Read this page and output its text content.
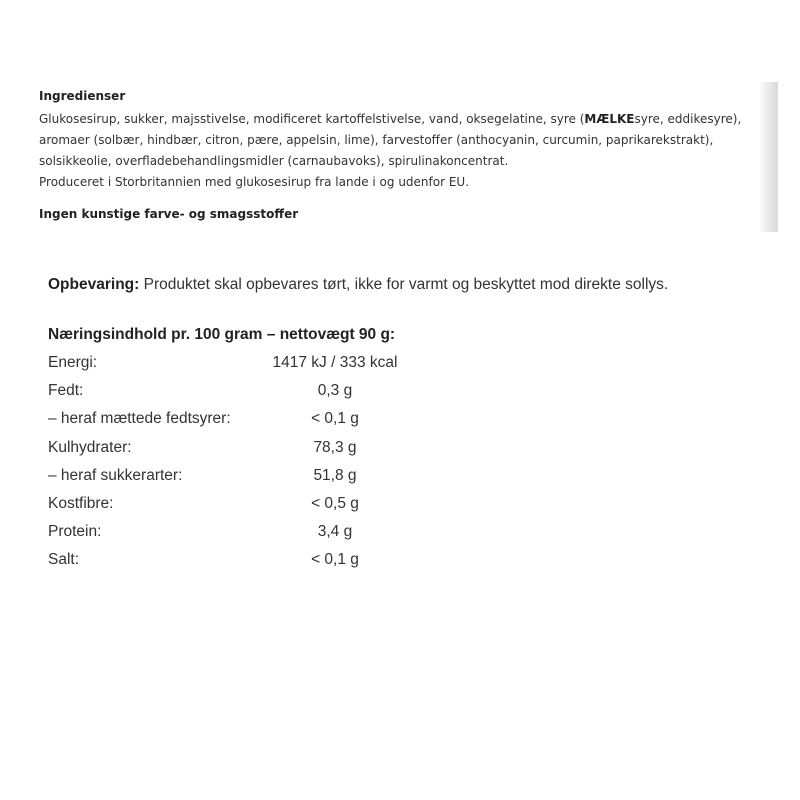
Ingredienser

Glukosesirup, sukker, majsstivelse, modificeret kartoffelstivelse, vand, oksegelatine, syre (MÆLKEsyre, eddikesyre), aromaer (solbær, hindbær, citron, pære, appelsin, lime), farvestoffer (anthocyanin, curcumin, paprikarekstrakt), solsikkeolie, overfladebehandlingsmidler (carnaubavoks), spirulinakoncentrat.

Produceret i Storbritannien med glukosesirup fra lande i og udenfor EU.

Ingen kunstige farve- og smagsstoffer

Opbevaring: Produktet skal opbevares tørt, ikke for varmt og beskyttet mod direkte sollys.
Næringsindhold pr. 100 gram – nettovægt 90 g:
Energi:	1417 kJ / 333 kcal
Fedt:	0,3 g
– heraf mættede fedtsyrer:	< 0,1 g
Kulhydrater:	78,3 g
– heraf sukkerarter:	51,8 g
Kostfibre:	< 0,5 g
Protein:	3,4 g
Salt:	< 0,1 g
